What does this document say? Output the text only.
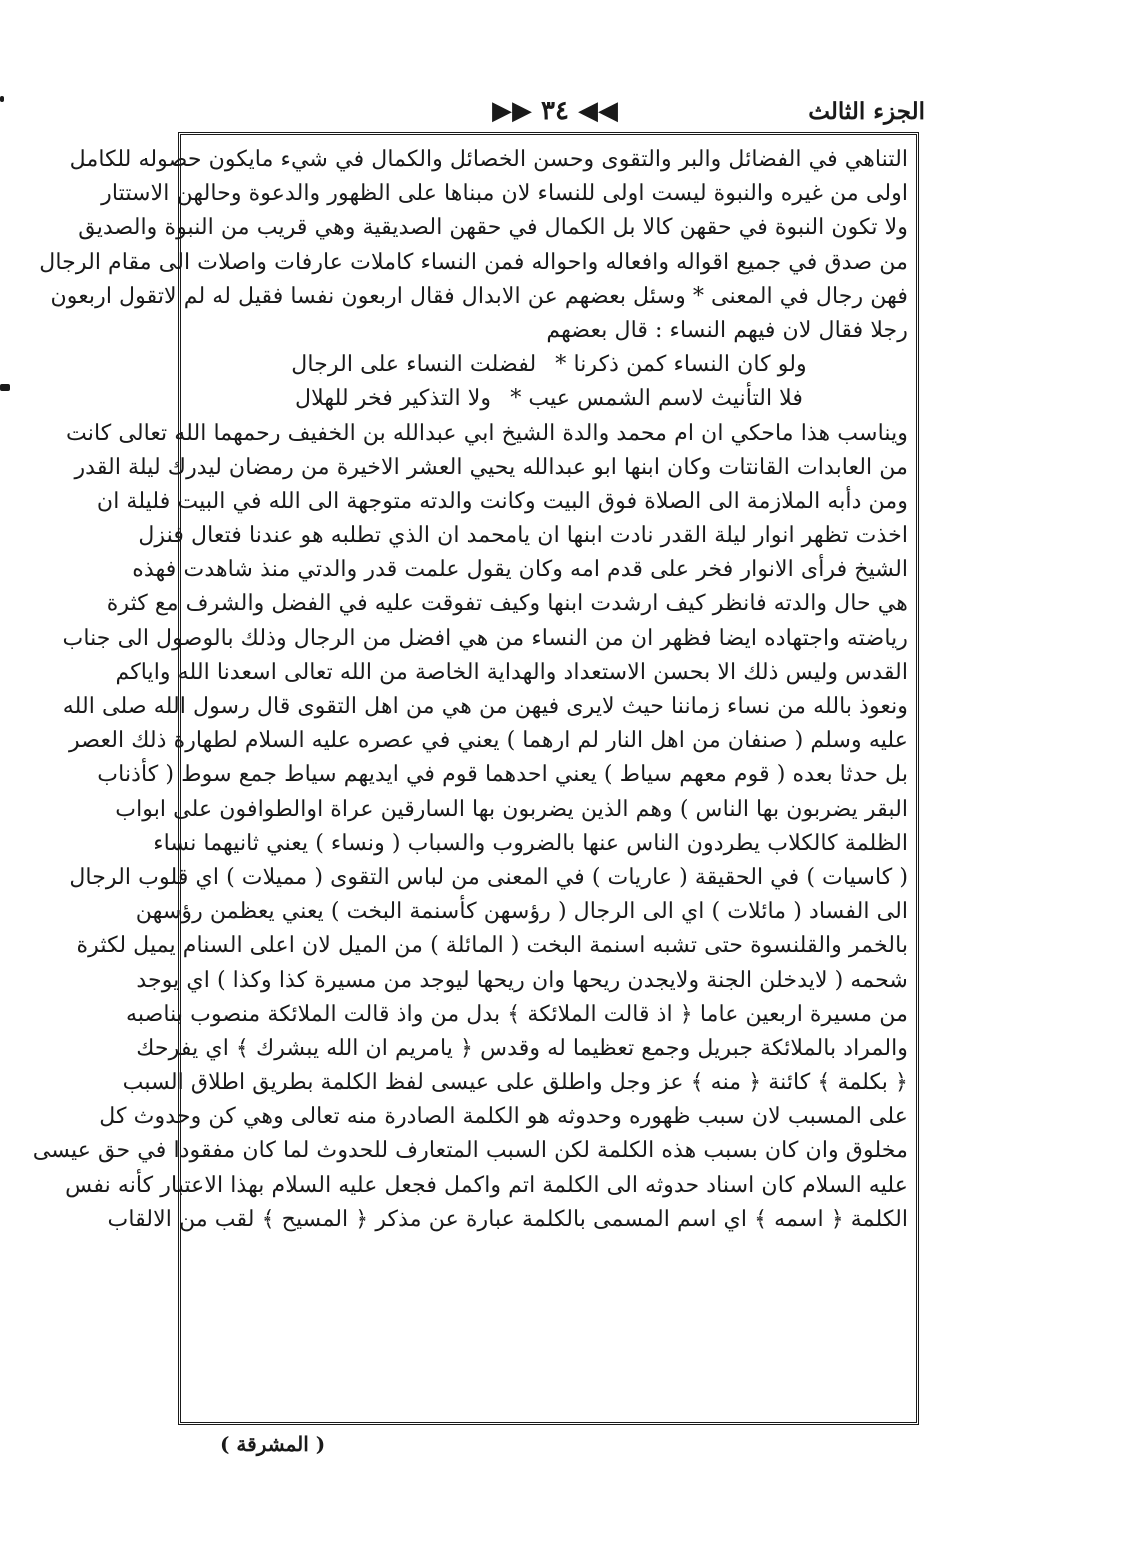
◀◀ ٣٤ ▶▶	الجزء الثالث
التناهي في الفضائل والبر والتقوى وحسن الخصائل والكمال في شيء مايكون حصوله للكامل
اولى من غيره والنبوة ليست اولى للنساء لان مبناها على الظهور والدعوة وحالهن الاستتار
ولا تكون النبوة في حقهن كالا بل الكمال في حقهن الصديقية وهي قريب من النبوة والصديق
من صدق في جميع اقواله وافعاله واحواله فمن النساء كاملات عارفات واصلات الى مقام الرجال
فهن رجال في المعنى * وسئل بعضهم عن الابدال فقال اربعون نفسا فقيل له لم لاتقول اربعون
رجلا فقال لان فيهم النساء : قال بعضهم
ولو كان النساء كمن ذكرنا * لفضلت النساء على الرجال
فلا التأنيث لاسم الشمس عيب * ولا التذكير فخر للهلال
ويناسب هذا ماحكي ان ام محمد والدة الشيخ ابي عبدالله بن الخفيف رحمهما الله تعالى كانت
من العابدات القانتات وكان ابنها ابو عبدالله يحيي العشر الاخيرة من رمضان ليدرك ليلة القدر
ومن دأبه الملازمة الى الصلاة فوق البيت وكانت والدته متوجهة الى الله في البيت فليلة ان
اخذت تظهر انوار ليلة القدر نادت ابنها ان يامحمد ان الذي تطلبه هو عندنا فتعال فنزل
الشيخ فرأى الانوار فخر على قدم امه وكان يقول علمت قدر والدتي منذ شاهدت فهذه
هي حال والدته فانظر كيف ارشدت ابنها وكيف تفوقت عليه في الفضل والشرف مع كثرة
رياضته واجتهاده ايضا فظهر ان من النساء من هي افضل من الرجال وذلك بالوصول الى جناب
القدس وليس ذلك الا بحسن الاستعداد والهداية الخاصة من الله تعالى اسعدنا الله واياكم
ونعوذ بالله من نساء زماننا حيث لايرى فيهن من هي من اهل التقوى قال رسول الله صلى الله
عليه وسلم ( صنفان من اهل النار لم ارهما ) يعني في عصره عليه السلام لطهارة ذلك العصر
بل حدثا بعده ( قوم معهم سياط ) يعني احدهما قوم في ايديهم سياط جمع سوط ( كأذناب
البقر يضربون بها الناس ) وهم الذين يضربون بها السارقين عراة اوالطوافون على ابواب
الظلمة كالكلاب يطردون الناس عنها بالضروب والسباب ( ونساء ) يعني ثانيهما نساء
( كاسيات ) في الحقيقة ( عاريات ) في المعنى من لباس التقوى ( مميلات ) اي قلوب الرجال
الى الفساد ( مائلات ) اي الى الرجال ( رؤسهن كأسنمة البخت ) يعني يعظمن رؤسهن
بالخمر والقلنسوة حتى تشبه اسنمة البخت ( المائلة ) من الميل لان اعلى السنام يميل لكثرة
شحمه ( لايدخلن الجنة ولايجدن ريحها وان ريحها ليوجد من مسيرة كذا وكذا ) اي يوجد
من مسيرة اربعين عاما ﴿ اذ قالت الملائكة ﴾ بدل من واذ قالت الملائكة منصوب بناصبه
والمراد بالملائكة جبريل وجمع تعظيما له وقدس ﴿ يامريم ان الله يبشرك ﴾ اي يفرحك
﴿ بكلمة ﴾ كائنة ﴿ منه ﴾ عز وجل واطلق على عيسى لفظ الكلمة بطريق اطلاق السبب
على المسبب لان سبب ظهوره وحدوثه هو الكلمة الصادرة منه تعالى وهي كن وحدوث كل
مخلوق وان كان بسبب هذه الكلمة لكن السبب المتعارف للحدوث لما كان مفقودا في حق عيسى
عليه السلام كان اسناد حدوثه الى الكلمة اتم واكمل فجعل عليه السلام بهذا الاعتبار كأنه نفس
الكلمة ﴿ اسمه ﴾ اي اسم المسمى بالكلمة عبارة عن مذكر ﴿ المسيح ﴾ لقب من الالقاب
( المشرقة )
